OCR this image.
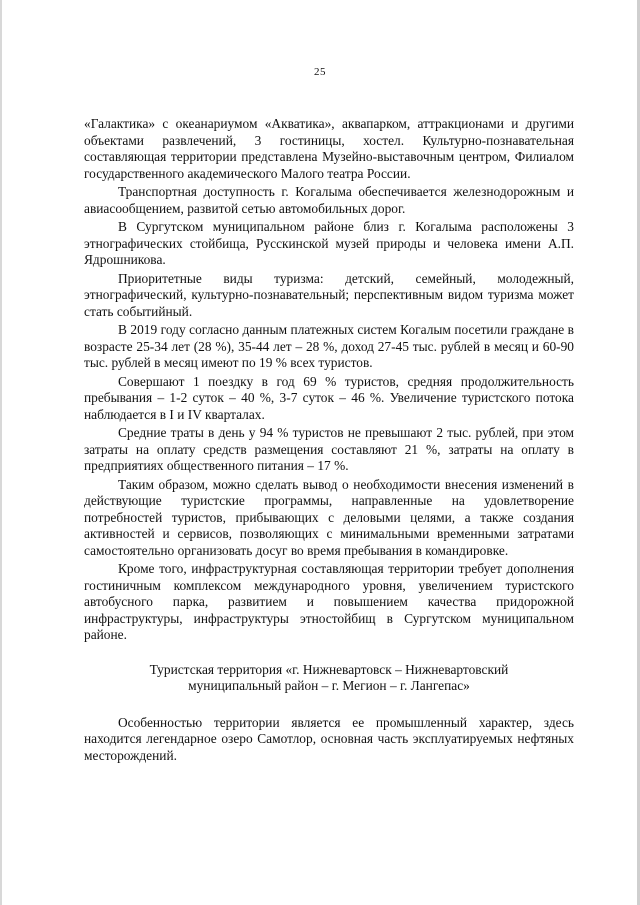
25

«Галактика» с океанариумом «Акватика», аквапарком, аттракционами и другими объектами развлечений, 3 гостиницы, хостел. Культурно-познавательная составляющая территории представлена Музейно-выставочным центром, Филиалом государственного академического Малого театра России.

Транспортная доступность г. Когалыма обеспечивается железнодорожным и авиасообщением, развитой сетью автомобильных дорог.

В Сургутском муниципальном районе близ г. Когалыма расположены 3 этнографических стойбища, Русскинской музей природы и человека имени А.П. Ядрошникова.

Приоритетные виды туризма: детский, семейный, молодежный, этнографический, культурно-познавательный; перспективным видом туризма может стать событийный.

В 2019 году согласно данным платежных систем Когалым посетили граждане в возрасте 25-34 лет (28 %), 35-44 лет – 28 %, доход 27-45 тыс. рублей в месяц и 60-90 тыс. рублей в месяц имеют по 19 % всех туристов.

Совершают 1 поездку в год 69 % туристов, средняя продолжительность пребывания – 1-2 суток – 40 %, 3-7 суток – 46 %. Увеличение туристского потока наблюдается в I и IV кварталах.

Средние траты в день у 94 % туристов не превышают 2 тыс. рублей, при этом затраты на оплату средств размещения составляют 21 %, затраты на оплату в предприятиях общественного питания – 17 %.

Таким образом, можно сделать вывод о необходимости внесения изменений в действующие туристские программы, направленные на удовлетворение потребностей туристов, прибывающих с деловыми целями, а также создания активностей и сервисов, позволяющих с минимальными временными затратами самостоятельно организовать досуг во время пребывания в командировке.

Кроме того, инфраструктурная составляющая территории требует дополнения гостиничным комплексом международного уровня, увеличением туристского автобусного парка, развитием и повышением качества придорожной инфраструктуры, инфраструктуры этностойбищ в Сургутском муниципальном районе.

Туристская территория «г. Нижневартовск – Нижневартовский муниципальный район – г. Мегион – г. Лангепас»

Особенностью территории является ее промышленный характер, здесь находится легендарное озеро Самотлор, основная часть эксплуатируемых нефтяных месторождений.
